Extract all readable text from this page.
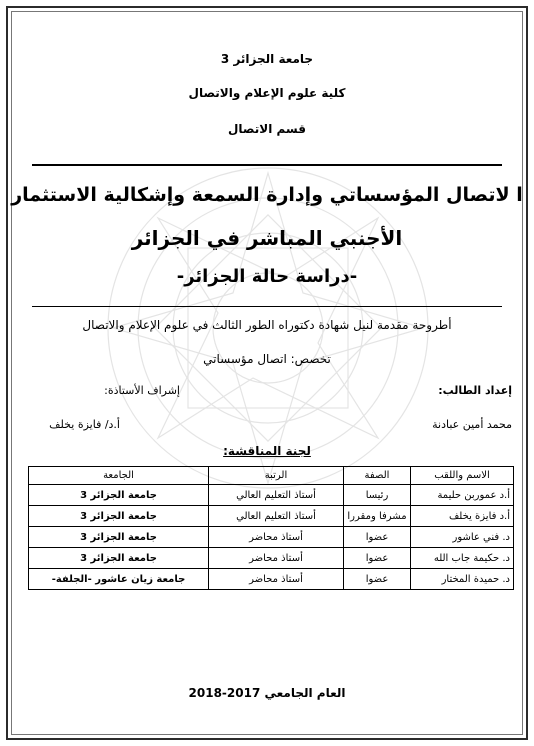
جامعة الجزائر 3
كلية علوم الإعلام والاتصال
قسم الاتصال
ا لاتصال المؤسساتي وإدارة السمعة وإشكالية الاستثمار
الأجنبي المباشر في الجزائر
-دراسة حالة الجزائر-
أطروحة مقدمة لنيل شهادة دكتوراه الطور الثالث في علوم الإعلام والاتصال
تخصص: اتصال مؤسساتي
إعداد الطالب:
إشراف الأستاذة:
محمد أمين عبادنة
أ.د/ فايزة يخلف
لجنة المناقشة:
الاسم واللقب	الصفة	الرتبة	الجامعة
أ.د عموربن حليمة	رئيسا	أستاذ التعليم العالي	جامعة الجزائر 3
أ.د فايزة يخلف	مشرفا ومقررا	أستاذ التعليم العالي	جامعة الجزائر 3
د. فني عاشور	عضوا	أستاذ محاضر	جامعة الجزائر 3
د. حكيمة جاب الله	عضوا	أستاذ محاضر	جامعة الجزائر 3
د. حميدة المختار	عضوا	أستاذ محاضر	جامعة زيان عاشور -الجلفة-
العام الجامعي 2017-2018
